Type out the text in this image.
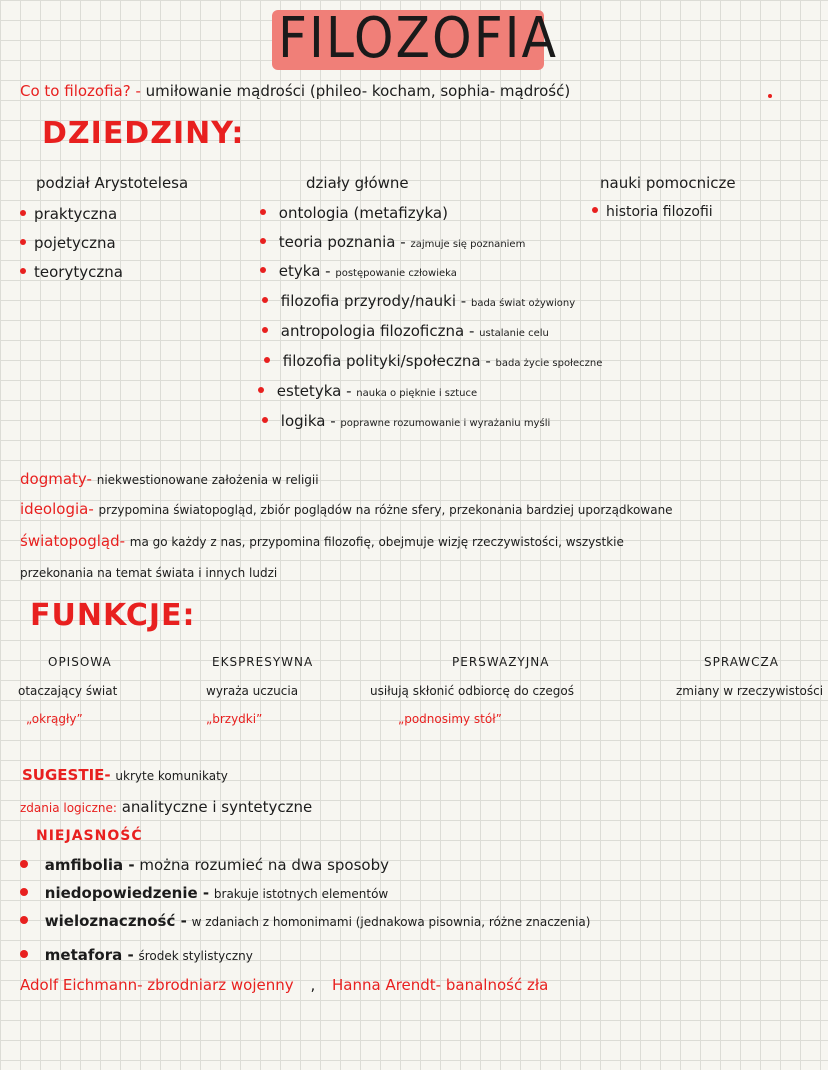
FILOZOFIA
Co to filozofia? - umiłowanie mądrości (phileo- kocham, sophia- mądrość)
DZIEDZINY:
podział Arystotelesa
praktyczna
pojetyczna
teorytyczna
działy główne
ontologia (metafizyka)
teoria poznania - zajmuje się poznaniem
etyka - postępowanie człowieka
filozofia przyrody/nauki - bada świat ożywiony
antropologia filozoficzna - ustalanie celu
filozofia polityki/społeczna - bada życie społeczne
estetyka - nauka o pięknie i sztuce
logika - poprawne rozumowanie i wyrażaniu myśli
nauki pomocnicze
historia filozofii
dogmaty- niekwestionowane założenia w religii
ideologia- przypomina światopogląd, zbiór poglądów na różne sfery, przekonania bardziej uporządkowane
światopogląd- ma go każdy z nas, przypomina filozofię, obejmuje wizję rzeczywistości, wszystkie
przekonania na temat świata i innych ludzi
FUNKCJE:
OPISOWA	EKSPRESYWNA	PERSWAZYJNA	SPRAWCZA
otaczający świat	wyraża uczucia	usiłują skłonić odbiorcę do czegoś	zmiany w rzeczywistości
„okrągły”	„brzydki”	„podnosimy stół”
SUGESTIE- ukryte komunikaty
zdania logiczne: analityczne i syntetyczne
NIEJASNOŚĆ
amfibolia - można rozumieć na dwa sposoby
niedopowiedzenie - brakuje istotnych elementów
wieloznaczność - w zdaniach z homonimami (jednakowa pisownia, różne znaczenia)
metafora - środek stylistyczny
Adolf Eichmann- zbrodniarz wojenny , Hanna Arendt- banalność zła
